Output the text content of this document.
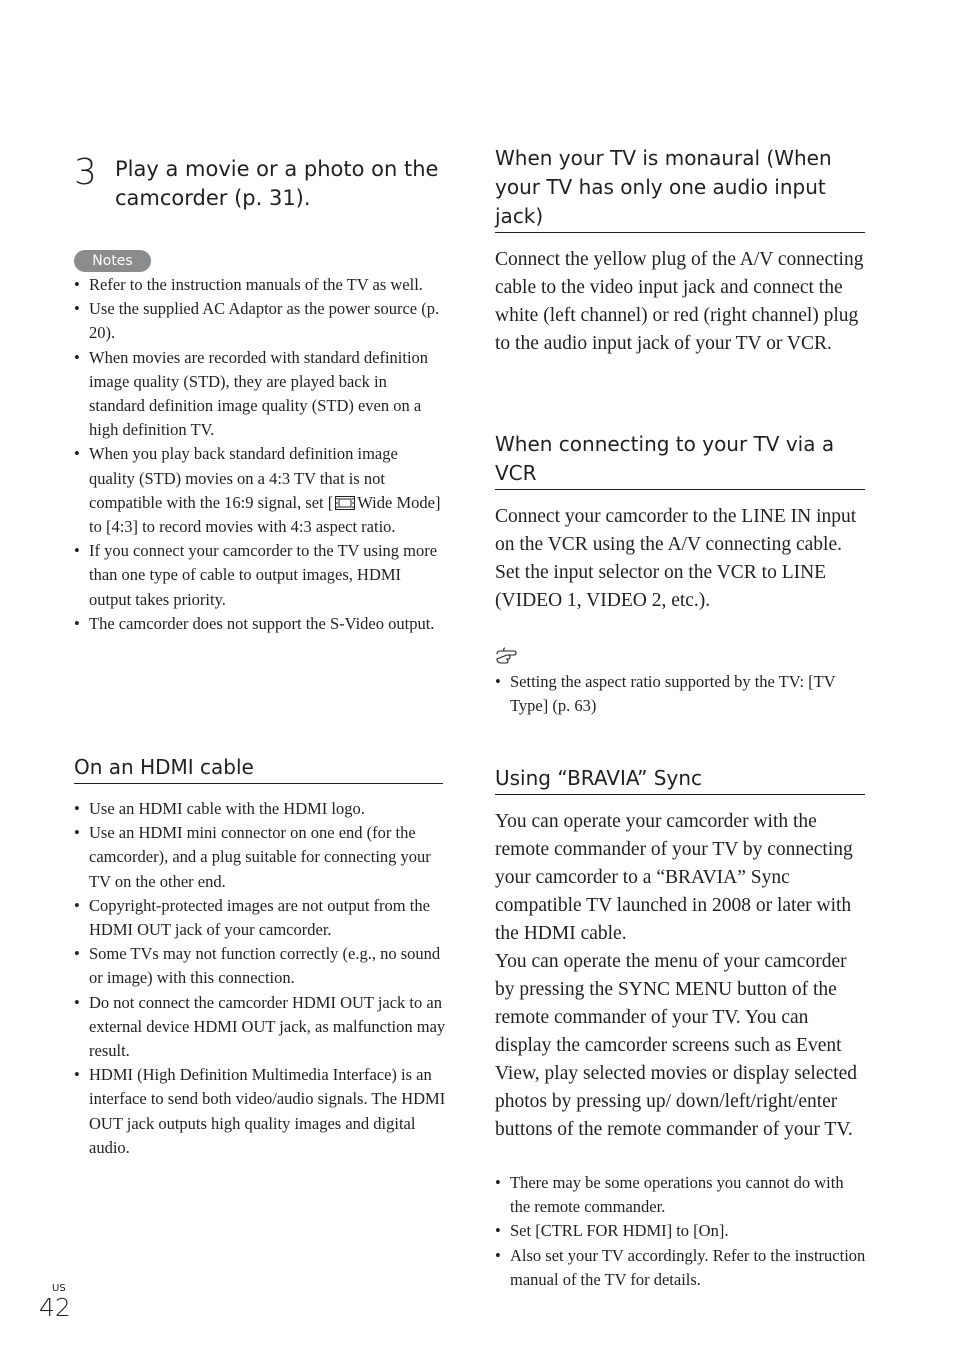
3 Play a movie or a photo on the camcorder (p. 31).
Notes
• Refer to the instruction manuals of the TV as well.
• Use the supplied AC Adaptor as the power source (p. 20).
• When movies are recorded with standard definition image quality (STD), they are played back in standard definition image quality (STD) even on a high definition TV.
• When you play back standard definition image quality (STD) movies on a 4:3 TV that is not compatible with the 16:9 signal, set [ Wide Mode] to [4:3] to record movies with 4:3 aspect ratio.
• If you connect your camcorder to the TV using more than one type of cable to output images, HDMI output takes priority.
• The camcorder does not support the S-Video output.
On an HDMI cable
• Use an HDMI cable with the HDMI logo.
• Use an HDMI mini connector on one end (for the camcorder), and a plug suitable for connecting your TV on the other end.
• Copyright-protected images are not output from the HDMI OUT jack of your camcorder.
• Some TVs may not function correctly (e.g., no sound or image) with this connection.
• Do not connect the camcorder HDMI OUT jack to an external device HDMI OUT jack, as malfunction may result.
• HDMI (High Definition Multimedia Interface) is an interface to send both video/audio signals. The HDMI OUT jack outputs high quality images and digital audio.
When your TV is monaural (When your TV has only one audio input jack)
Connect the yellow plug of the A/V connecting cable to the video input jack and connect the white (left channel) or red (right channel) plug to the audio input jack of your TV or VCR.
When connecting to your TV via a VCR
Connect your camcorder to the LINE IN input on the VCR using the A/V connecting cable. Set the input selector on the VCR to LINE (VIDEO 1, VIDEO 2, etc.).
• Setting the aspect ratio supported by the TV: [TV Type] (p. 63)
Using “BRAVIA” Sync
You can operate your camcorder with the remote commander of your TV by connecting your camcorder to a “BRAVIA” Sync compatible TV launched in 2008 or later with the HDMI cable.
You can operate the menu of your camcorder by pressing the SYNC MENU button of the remote commander of your TV. You can display the camcorder screens such as Event View, play selected movies or display selected photos by pressing up/ down/left/right/enter buttons of the remote commander of your TV.
• There may be some operations you cannot do with the remote commander.
• Set [CTRL FOR HDMI] to [On].
• Also set your TV accordingly. Refer to the instruction manual of the TV for details.
US
42
